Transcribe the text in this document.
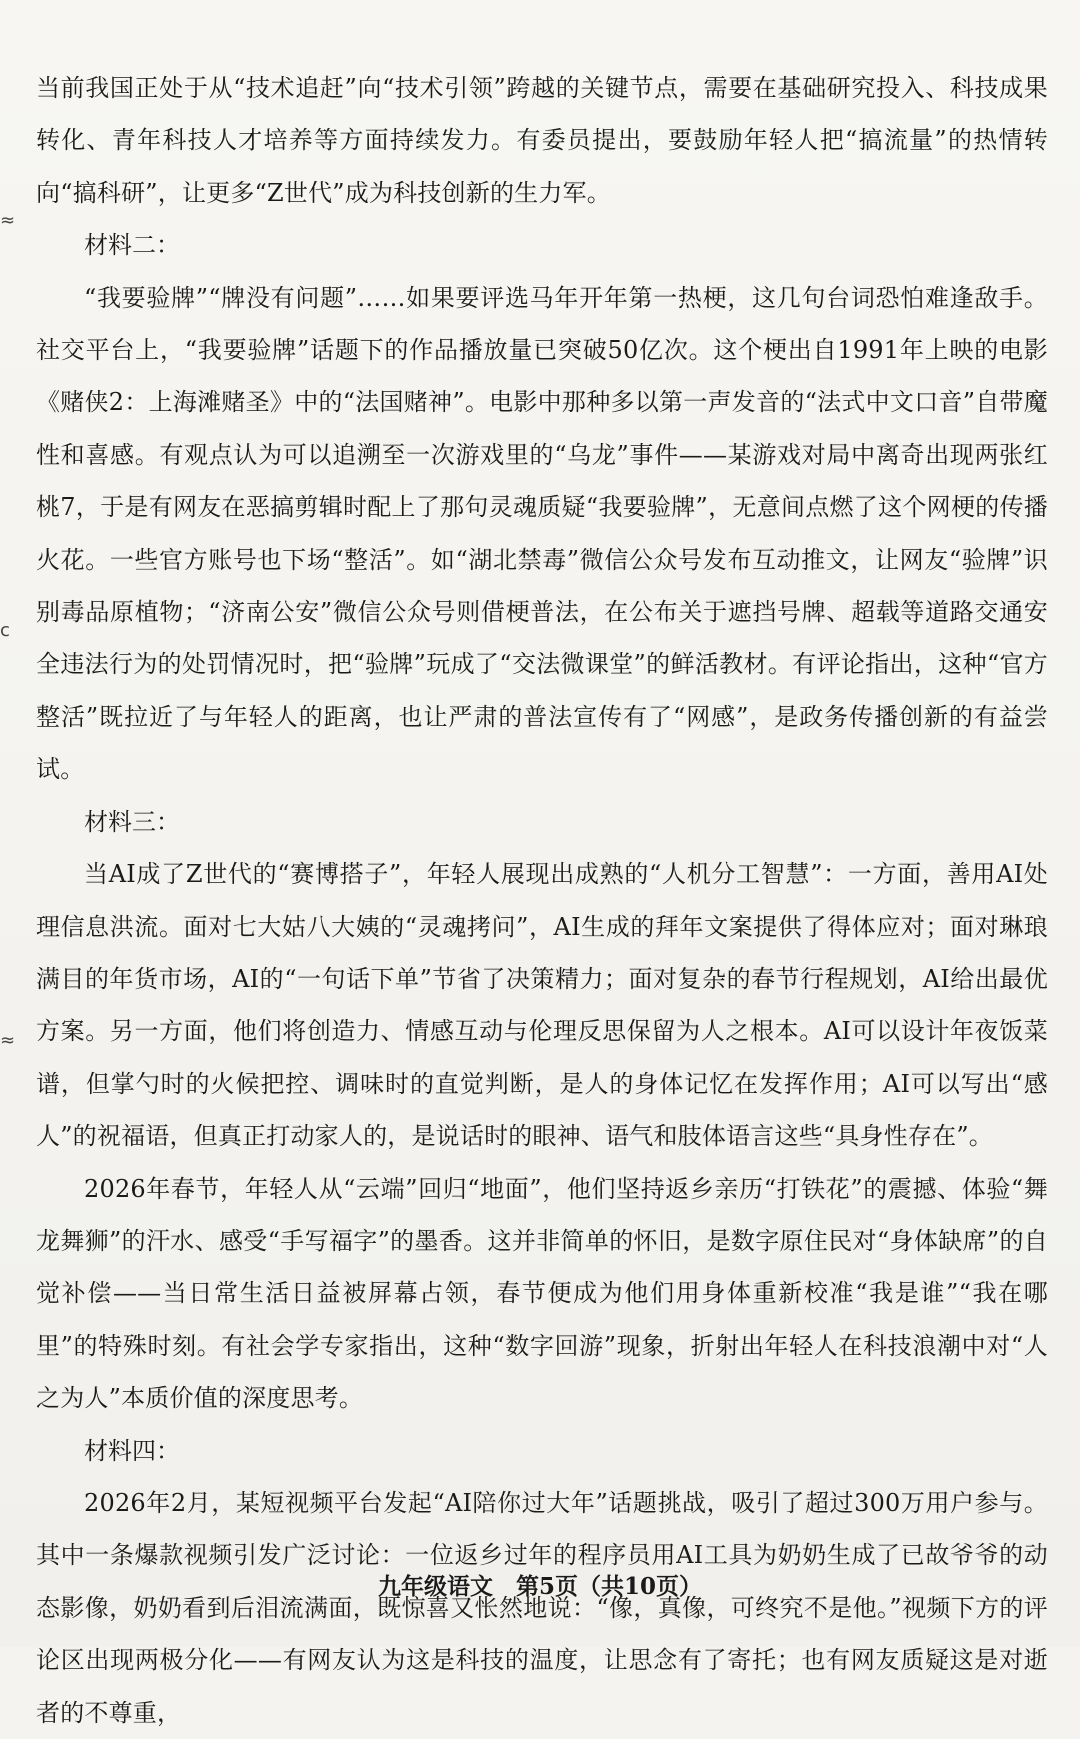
当前我国正处于从“技术追赶”向“技术引领”跨越的关键节点，需要在基础研究投入、科技成果转化、青年科技人才培养等方面持续发力。有委员提出，要鼓励年轻人把“搞流量”的热情转向“搞科研”，让更多“Z世代”成为科技创新的生力军。

材料二：

“我要验牌”“牌没有问题”……如果要评选马年开年第一热梗，这几句台词恐怕难逢敌手。社交平台上，“我要验牌”话题下的作品播放量已突破50亿次。这个梗出自1991年上映的电影《赌侠2：上海滩赌圣》中的“法国赌神”。电影中那种多以第一声发音的“法式中文口音”自带魔性和喜感。有观点认为可以追溯至一次游戏里的“乌龙”事件——某游戏对局中离奇出现两张红桃7，于是有网友在恶搞剪辑时配上了那句灵魂质疑“我要验牌”，无意间点燃了这个网梗的传播火花。一些官方账号也下场“整活”。如“湖北禁毒”微信公众号发布互动推文，让网友“验牌”识别毒品原植物；“济南公安”微信公众号则借梗普法，在公布关于遮挡号牌、超载等道路交通安全违法行为的处罚情况时，把“验牌”玩成了“交法微课堂”的鲜活教材。有评论指出，这种“官方整活”既拉近了与年轻人的距离，也让严肃的普法宣传有了“网感”，是政务传播创新的有益尝试。

材料三：

当AI成了Z世代的“赛博搭子”，年轻人展现出成熟的“人机分工智慧”：一方面，善用AI处理信息洪流。面对七大姑八大姨的“灵魂拷问”，AI生成的拜年文案提供了得体应对；面对琳琅满目的年货市场，AI的“一句话下单”节省了决策精力；面对复杂的春节行程规划，AI给出最优方案。另一方面，他们将创造力、情感互动与伦理反思保留为人之根本。AI可以设计年夜饭菜谱，但掌勺时的火候把控、调味时的直觉判断，是人的身体记忆在发挥作用；AI可以写出“感人”的祝福语，但真正打动家人的，是说话时的眼神、语气和肢体语言这些“具身性存在”。

2026年春节，年轻人从“云端”回归“地面”，他们坚持返乡亲历“打铁花”的震撼、体验“舞龙舞狮”的汗水、感受“手写福字”的墨香。这并非简单的怀旧，是数字原住民对“身体缺席”的自觉补偿——当日常生活日益被屏幕占领，春节便成为他们用身体重新校准“我是谁”“我在哪里”的特殊时刻。有社会学专家指出，这种“数字回游”现象，折射出年轻人在科技浪潮中对“人之为人”本质价值的深度思考。

材料四：

2026年2月，某短视频平台发起“AI陪你过大年”话题挑战，吸引了超过300万用户参与。其中一条爆款视频引发广泛讨论：一位返乡过年的程序员用AI工具为奶奶生成了已故爷爷的动态影像，奶奶看到后泪流满面，既惊喜又怅然地说：“像，真像，可终究不是他。”视频下方的评论区出现两极分化——有网友认为这是科技的温度，让思念有了寄托；也有网友质疑这是对逝者的不尊重，

≈
c
≈
九年级语文　第5页（共10页）
